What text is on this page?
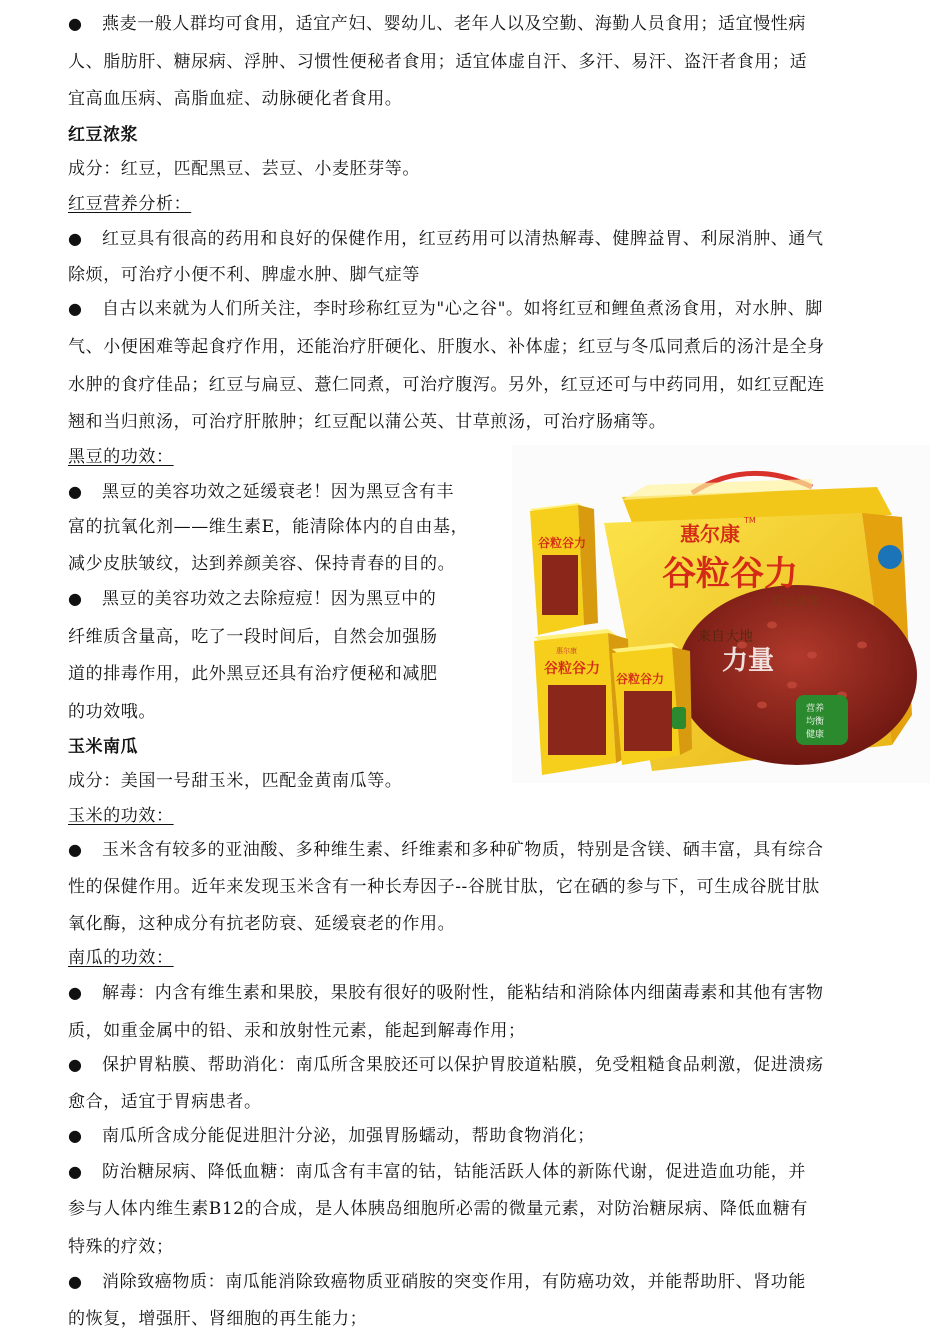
燕麦一般人群均可食用，适宜产妇、婴幼儿、老年人以及空勤、海勤人员食用；适宜慢性病
●
人、脂肪肝、糖尿病、浮肿、习惯性便秘者食用；适宜体虚自汗、多汗、易汗、盗汗者食用；适
宜高血压病、高脂血症、动脉硬化者食用。
红豆浓浆
成分：红豆，匹配黑豆、芸豆、小麦胚芽等。
红豆营养分析：
红豆具有很高的药用和良好的保健作用，红豆药用可以清热解毒、健脾益胃、利尿消肿、通气
●
除烦，可治疗小便不利、脾虚水肿、脚气症等
自古以来就为人们所关注，李时珍称红豆为"心之谷"。如将红豆和鲤鱼煮汤食用，对水肿、脚
●
气、小便困难等起食疗作用，还能治疗肝硬化、肝腹水、补体虚；红豆与冬瓜同煮后的汤汁是全身
水肿的食疗佳品；红豆与扁豆、薏仁同煮，可治疗腹泻。另外，红豆还可与中药同用，如红豆配连
翘和当归煎汤，可治疗肝脓肿；红豆配以蒲公英、甘草煎汤，可治疗肠痛等。
黑豆的功效：
黑豆的美容功效之延缓衰老！因为黑豆含有丰
●
富的抗氧化剂——维生素E，能清除体内的自由基，
减少皮肤皱纹，达到养颜美容、保持青春的目的。
黑豆的美容功效之去除痘痘！因为黑豆中的
●
纤维质含量高，吃了一段时间后，自然会加强肠
道的排毒作用，此外黑豆还具有治疗便秘和减肥
的功效哦。
玉米南瓜
成分：美国一号甜玉米，匹配金黄南瓜等。
玉米的功效：
玉米含有较多的亚油酸、多种维生素、纤维素和多种矿物质，特别是含镁、硒丰富，具有综合
●
性的保健作用。近年来发现玉米含有一种长寿因子--谷胱甘肽，它在硒的参与下，可生成谷胱甘肽
氧化酶，这种成分有抗老防衰、延缓衰老的作用。
南瓜的功效：
解毒：内含有维生素和果胶，果胶有很好的吸附性，能粘结和消除体内细菌毒素和其他有害物
●
质，如重金属中的铅、汞和放射性元素，能起到解毒作用；
保护胃粘膜、帮助消化：南瓜所含果胶还可以保护胃胶道粘膜，免受粗糙食品刺激，促进溃疡
●
愈合，适宜于胃病患者。
南瓜所含成分能促进胆汁分泌，加强胃肠蠕动，帮助食物消化；
●
防治糖尿病、降低血糖：南瓜含有丰富的钴，钴能活跃人体的新陈代谢，促进造血功能，并
●
参与人体内维生素B12的合成，是人体胰岛细胞所必需的微量元素，对防治糖尿病、降低血糖有
特殊的疗效；
消除致癌物质：南瓜能消除致癌物质亚硝胺的突变作用，有防癌功效，并能帮助肝、肾功能
●
的恢复，增强肝、肾细胞的再生能力；
惠尔康
TM
谷粒谷力
红豆浓浆
来自大地
力量
营养
均衡
健康
谷粒谷力
谷粒谷力
惠尔康
谷粒谷力
